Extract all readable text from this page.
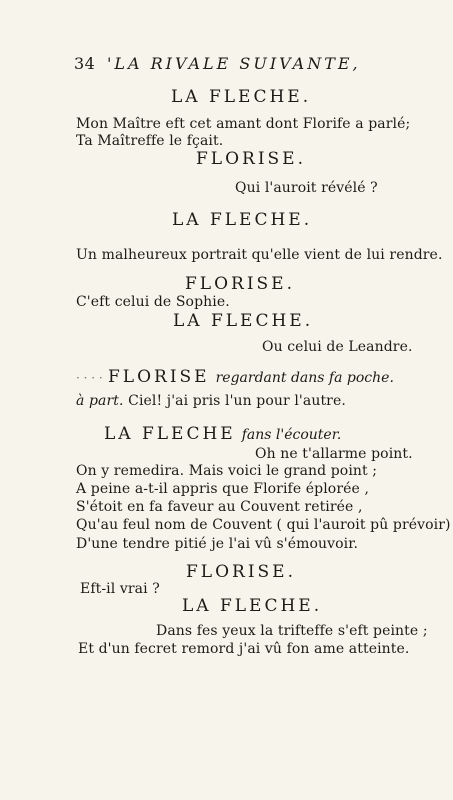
34 'LA RIVALE SUIVANTE,
LA FLECHE.
Mon Maître eft cet amant dont Florife a parlé;
Ta Maîtreffe le fçait.
FLORISE.
Qui l'auroit révélé ?
LA FLECHE.
Un malheureux portrait qu'elle vient de lui rendre.
FLORISE.
C'eft celui de Sophie.
LA FLECHE.
Ou celui de Leandre.
· · · · FLORISE regardant dans fa poche.
à part. Ciel! j'ai pris l'un pour l'autre.
LA FLECHE fans l'écouter.
Oh ne t'allarme point.
On y remedira. Mais voici le grand point ;
A peine a-t-il appris que Florife éplorée ,
S'étoit en fa faveur au Couvent retirée ,
Qu'au feul nom de Couvent ( qui l'auroit pû prévoir)
D'une tendre pitié je l'ai vû s'émouvoir.
FLORISE.
Eft-il vrai ?
LA FLECHE.
Dans fes yeux la trifteffe s'eft peinte ;
Et d'un fecret remord j'ai vû fon ame atteinte.
